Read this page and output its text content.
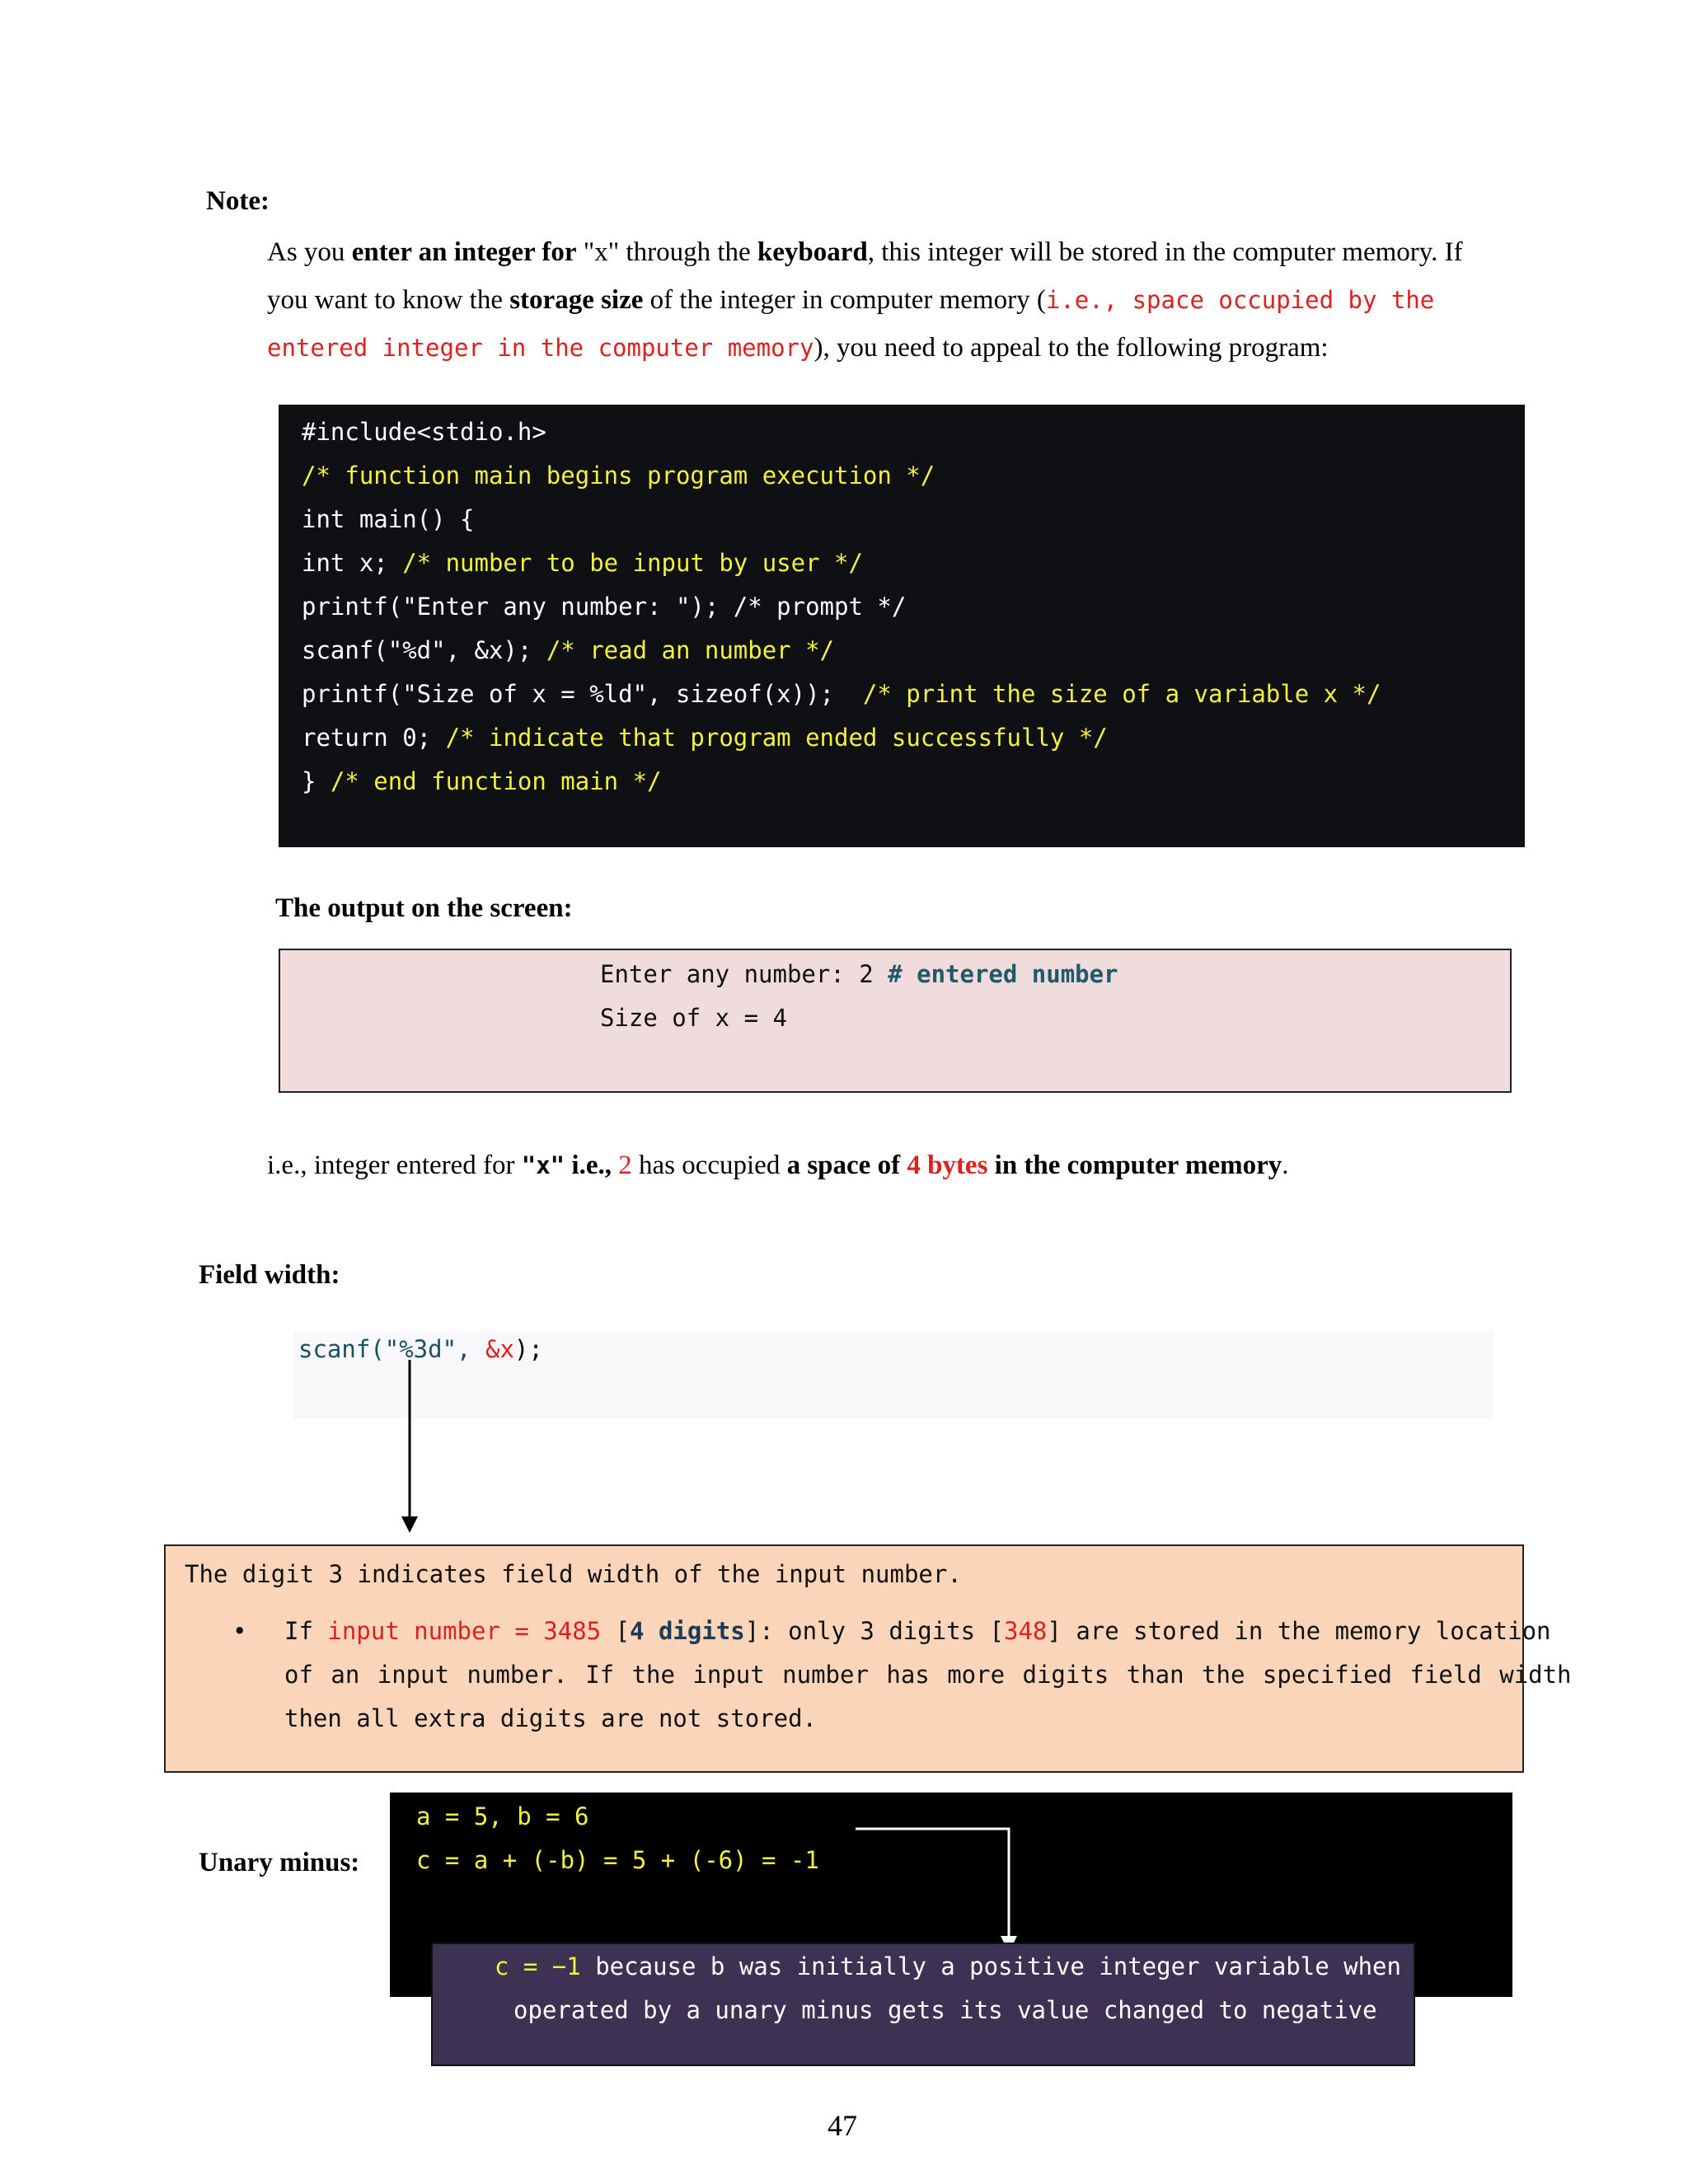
Note:
As you enter an integer for "x" through the keyboard, this integer will be stored in the computer memory. If
you want to know the storage size of the integer in computer memory (i.e., space occupied by the
entered integer in the computer memory), you need to appeal to the following program:
#include<stdio.h>
/* function main begins program execution */
int main() {
int x; /* number to be input by user */
printf("Enter any number: "); /* prompt */
scanf("%d", &x); /* read an number */
printf("Size of x = %ld", sizeof(x));  /* print the size of a variable x */
return 0; /* indicate that program ended successfully */
} /* end function main */
The output on the screen:
Enter any number: 2 # entered number
Size of x = 4
i.e., integer entered for "x" i.e., 2 has occupied a space of 4 bytes in the computer memory.
Field width:
scanf("%3d", &x);
The digit 3 indicates field width of the input number.
• If input number = 3485 [4 digits]: only 3 digits [348] are stored in the memory location
of an input number. If the input number has more digits than the specified field width
then all extra digits are not stored.
Unary minus:
a = 5, b = 6
c = a + (-b) = 5 + (-6) = -1
c = −1 because b was initially a positive integer variable when
operated by a unary minus gets its value changed to negative
47
